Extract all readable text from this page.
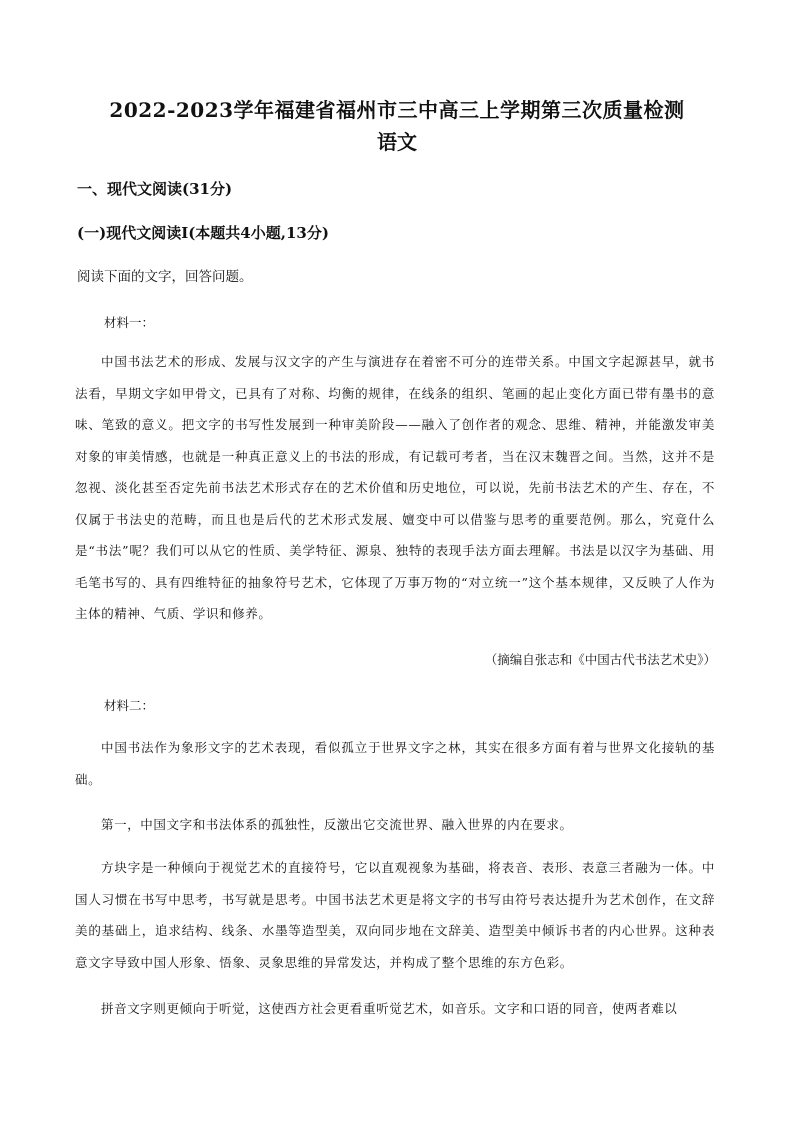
2022-2023学年福建省福州市三中高三上学期第三次质量检测
语文
一、现代文阅读(31分)
(一)现代文阅读Ⅰ(本题共4小题,13分)
阅读下面的文字，回答问题。
材料一：
中国书法艺术的形成、发展与汉文字的产生与演进存在着密不可分的连带关系。中国文字起源甚早，就书法看，早期文字如甲骨文，已具有了对称、均衡的规律，在线条的组织、笔画的起止变化方面已带有墨书的意味、笔致的意义。把文字的书写性发展到一种审美阶段——融入了创作者的观念、思维、精神，并能激发审美对象的审美情感，也就是一种真正意义上的书法的形成，有记载可考者，当在汉末魏晋之间。当然，这并不是忽视、淡化甚至否定先前书法艺术形式存在的艺术价值和历史地位，可以说，先前书法艺术的产生、存在，不仅属于书法史的范畴，而且也是后代的艺术形式发展、嬗变中可以借鉴与思考的重要范例。那么，究竟什么是“书法”呢？我们可以从它的性质、美学特征、源泉、独特的表现手法方面去理解。书法是以汉字为基础、用毛笔书写的、具有四维特征的抽象符号艺术，它体现了万事万物的“对立统一”这个基本规律，又反映了人作为主体的精神、气质、学识和修养。
（摘编自张志和《中国古代书法艺术史》）
材料二：
中国书法作为象形文字的艺术表现，看似孤立于世界文字之林，其实在很多方面有着与世界文化接轨的基础。
第一，中国文字和书法体系的孤独性，反激出它交流世界、融入世界的内在要求。
方块字是一种倾向于视觉艺术的直接符号，它以直观视象为基础，将表音、表形、表意三者融为一体。中国人习惯在书写中思考，书写就是思考。中国书法艺术更是将文字的书写由符号表达提升为艺术创作，在文辞美的基础上，追求结构、线条、水墨等造型美，双向同步地在文辞美、造型美中倾诉书者的内心世界。这种表意文字导致中国人形象、悟象、灵象思维的异常发达，并构成了整个思维的东方色彩。
拼音文字则更倾向于听觉，这使西方社会更看重听觉艺术，如音乐。文字和口语的同音，使两者难以
